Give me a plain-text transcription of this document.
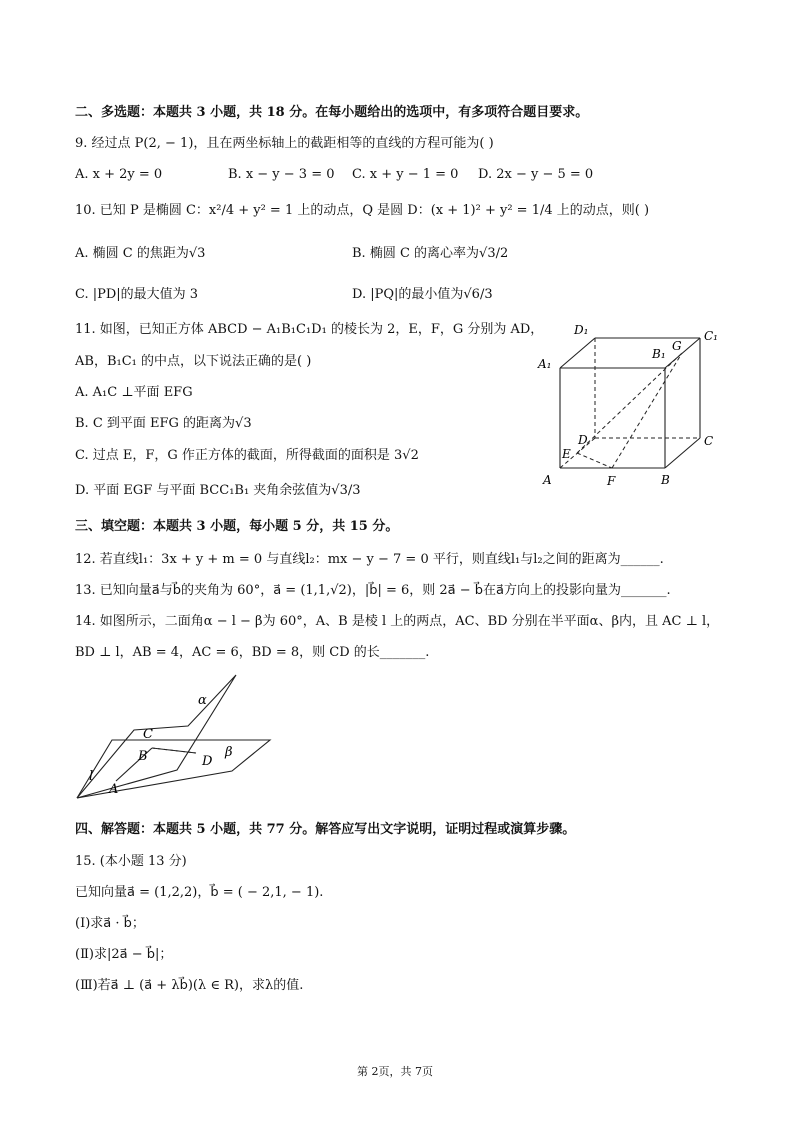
二、多选题：本题共 3 小题，共 18 分。在每小题给出的选项中，有多项符合题目要求。
9. 经过点 P(2, − 1)，且在两坐标轴上的截距相等的直线的方程可能为( )
A. x + 2y = 0	B. x − y − 3 = 0 C. x + y − 1 = 0 D. 2x − y − 5 = 0
10. 已知 P 是椭圆 C：x²/4 + y² = 1 上的动点，Q 是圆 D：(x + 1)² + y² = 1/4 上的动点，则( )
A. 椭圆 C 的焦距为√3	B. 椭圆 C 的离心率为√3/2
C. |PD|的最大值为 3	D. |PQ|的最小值为√6/3
11. 如图，已知正方体 ABCD − A₁B₁C₁D₁ 的棱长为 2，E，F，G 分别为 AD，
AB，B₁C₁ 的中点，以下说法正确的是( )
A. A₁C ⊥平面 EFG
B. C 到平面 EFG 的距离为√3
C. 过点 E，F，G 作正方体的截面，所得截面的面积是 3√2
D. 平面 EGF 与平面 BCC₁B₁ 夹角余弦值为√3/3
D₁	C₁
A₁
B₁
G
D	C
E
A	F	B
三、填空题：本题共 3 小题，每小题 5 分，共 15 分。
12. 若直线l₁：3x + y + m = 0 与直线l₂：mx − y − 7 = 0 平行，则直线l₁与l₂之间的距离为______.
13. 已知向量a⃗与b⃗的夹角为 60°，a⃗ = (1,1,√2)，|b⃗| = 6，则 2a⃗ − b⃗在a⃗方向上的投影向量为_______.
14. 如图所示，二面角α − l − β为 60°，A、B 是棱 l 上的两点，AC、BD 分别在半平面α、β内，且 AC ⊥ l，
BD ⊥ l，AB = 4，AC = 6，BD = 8，则 CD 的长_______.
α
β
C
B	D
l
A
四、解答题：本题共 5 小题，共 77 分。解答应写出文字说明，证明过程或演算步骤。
15. (本小题 13 分)
已知向量a⃗ = (1,2,2)，b⃗ = ( − 2,1, − 1).
(Ⅰ)求a⃗ · b⃗；
(Ⅱ)求|2a⃗ − b⃗|；
(Ⅲ)若a⃗ ⊥ (a⃗ + λb⃗)(λ ∈ R)，求λ的值.
第 2页，共 7页
